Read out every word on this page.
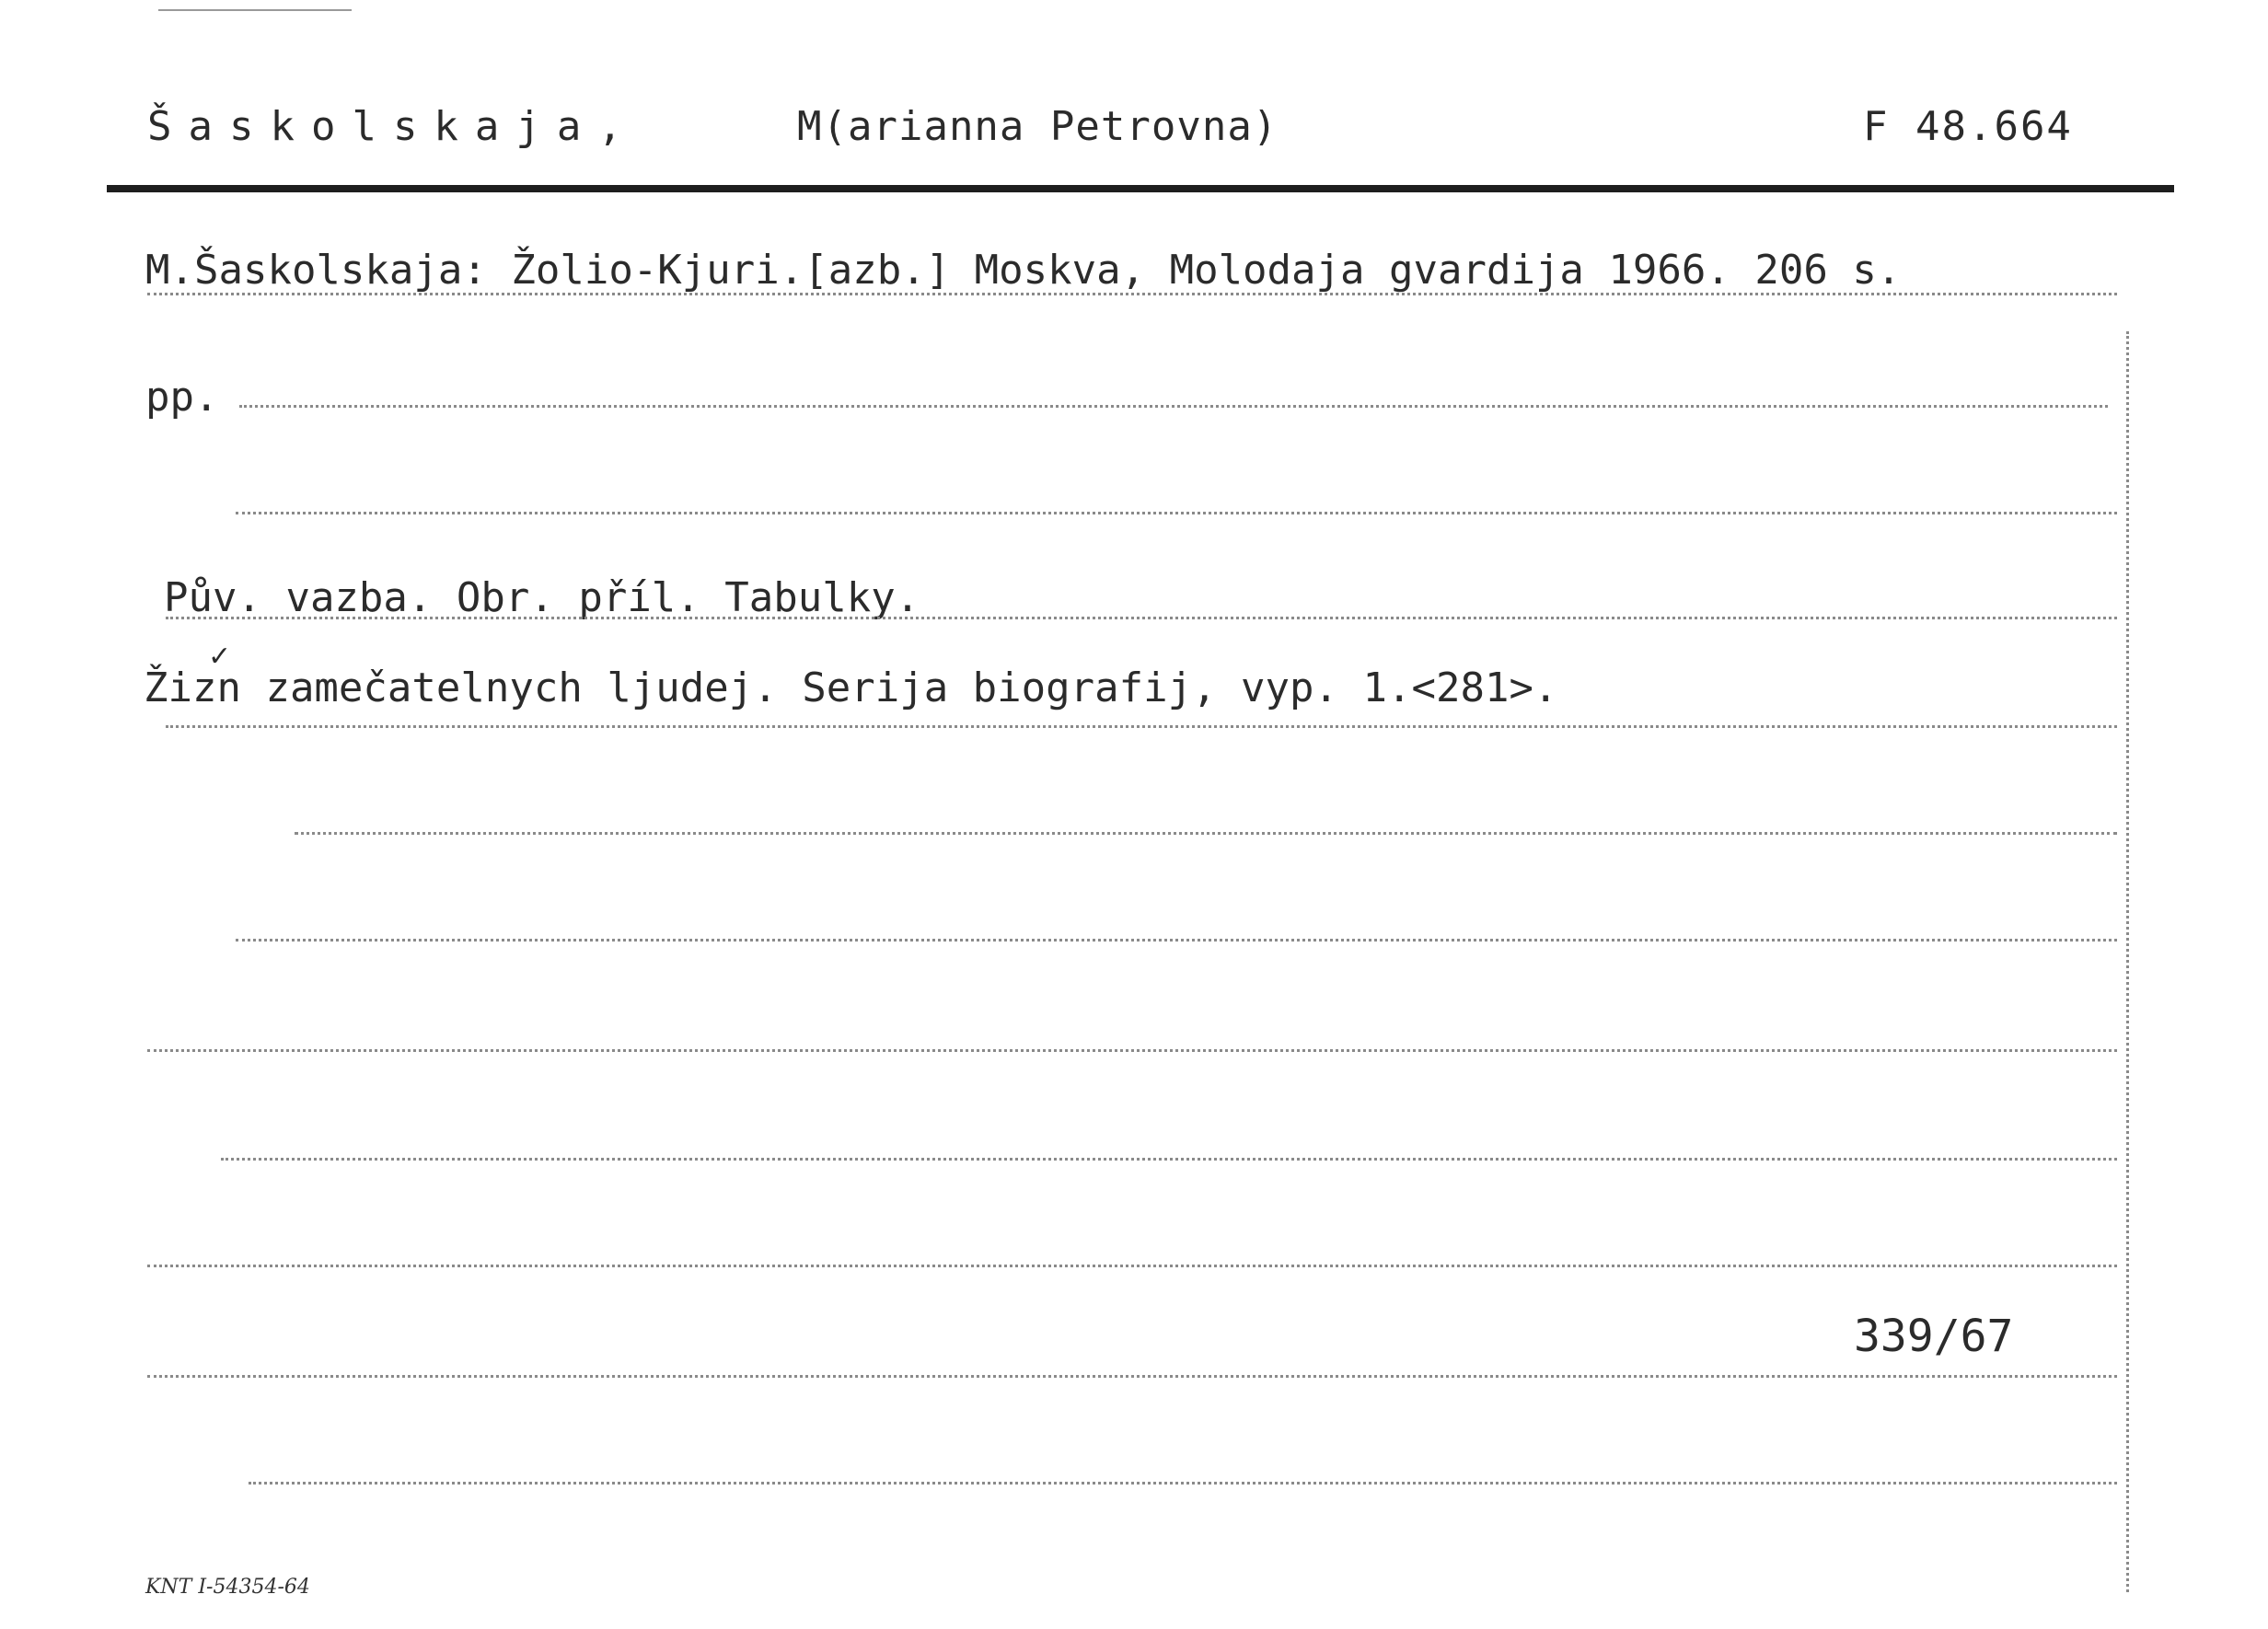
Šaskolskaja,	M(arianna Petrovna)	F 48.664
M.Šaskolskaja: Žolio-Kjuri.[azb.] Moskva, Molodaja gvardija 1966. 206 s.
pp.
Pův. vazba. Obr. příl. Tabulky.
✓
Žizn zamečatelnych ljudej. Serija biografij, vyp. 1.<281>.
339/67
KNT I-54354-64
